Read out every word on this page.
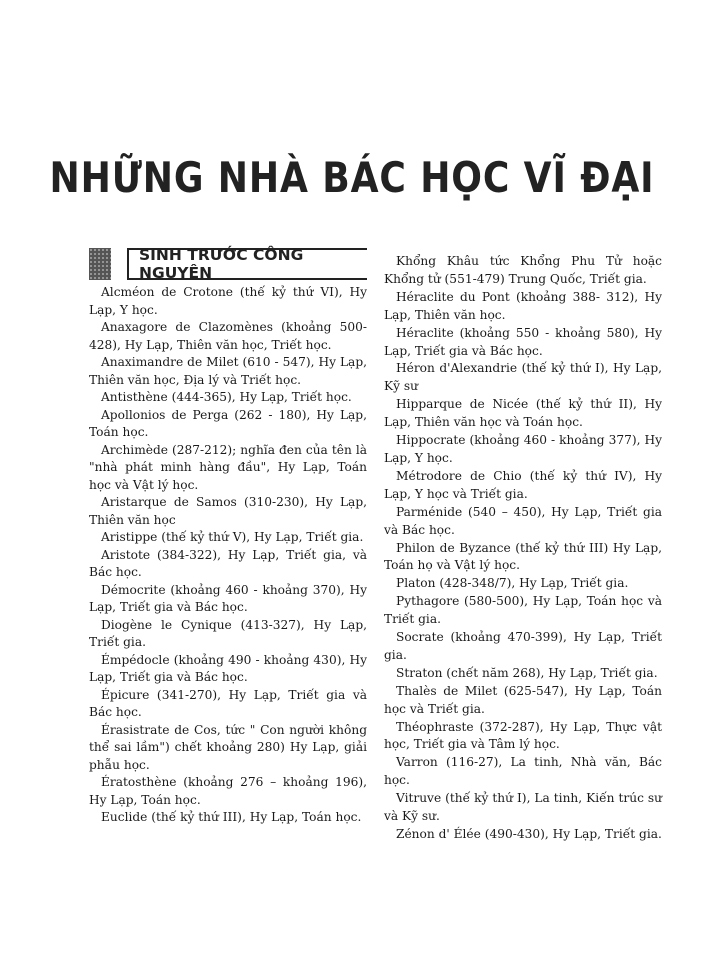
NHỮNG NHÀ BÁC HỌC VĨ ĐẠI
SINH TRƯỚC CÔNG NGUYÊN

Alcméon de Crotone (thế kỷ thứ VI), Hy Lạp, Y học.

Anaxagore de Clazomènes (khoảng 500-428), Hy Lạp, Thiên văn học, Triết học.

Anaximandre de Milet (610 - 547), Hy Lạp, Thiên văn học, Địa lý và Triết học.

Antisthène (444-365), Hy Lạp, Triết học.

Apollonios de Perga (262 - 180), Hy Lạp, Toán học.

Archimède (287-212); nghĩa đen của tên là "nhà phát minh hàng đầu", Hy Lạp, Toán học và Vật lý học.

Aristarque de Samos (310-230), Hy Lạp, Thiên văn học

Aristippe (thế kỷ thứ V), Hy Lạp, Triết gia.

Aristote (384-322), Hy Lạp, Triết gia, và Bác học.

Démocrite (khoảng 460 - khoảng 370), Hy Lạp, Triết gia và Bác học.

Diogène le Cynique (413-327), Hy Lạp, Triết gia.

Émpédocle (khoảng 490 - khoảng 430), Hy Lạp, Triết gia và Bác học.

Épicure (341-270), Hy Lạp, Triết gia và Bác học.

Érasistrate de Cos, tức " Con người không thể sai lầm") chết khoảng 280) Hy Lạp, giải phẫu học.

Ératosthène (khoảng 276 – khoảng 196), Hy Lạp, Toán học.

Euclide (thế kỷ thứ III), Hy Lạp, Toán học.

Khổng Khâu tức Khổng Phu Tử hoặc Khổng tử (551-479) Trung Quốc, Triết gia.

Héraclite du Pont (khoảng 388- 312), Hy Lạp, Thiên văn học.

Héraclite (khoảng 550 - khoảng 580), Hy Lạp, Triết gia và Bác học.

Héron d'Alexandrie (thế kỷ thứ I), Hy Lạp, Kỹ sư

Hipparque de Nicée (thế kỷ thứ II), Hy Lạp, Thiên văn học và Toán học.

Hippocrate (khoảng 460 - khoảng 377), Hy Lạp, Y học.

Métrodore de Chio (thế kỷ thứ IV), Hy Lạp, Y học và Triết gia.

Parménide (540 – 450), Hy Lạp, Triết gia và Bác học.

Philon de Byzance (thế kỷ thứ III) Hy Lạp, Toán họ và Vật lý học.

Platon (428-348/7), Hy Lạp, Triết gia.

Pythagore (580-500), Hy Lạp, Toán học và Triết gia.

Socrate (khoảng 470-399), Hy Lạp, Triết gia.

Straton (chết năm 268), Hy Lạp, Triết gia.

Thalès de Milet (625-547), Hy Lạp, Toán học và Triết gia.

Théophraste (372-287), Hy Lạp, Thực vật học, Triết gia và Tâm lý học.

Varron (116-27), La tinh, Nhà văn, Bác học.

Vitruve (thế kỷ thứ I), La tinh, Kiến trúc sư và Kỹ sư.

Zénon d' Élée (490-430), Hy Lạp, Triết gia.
